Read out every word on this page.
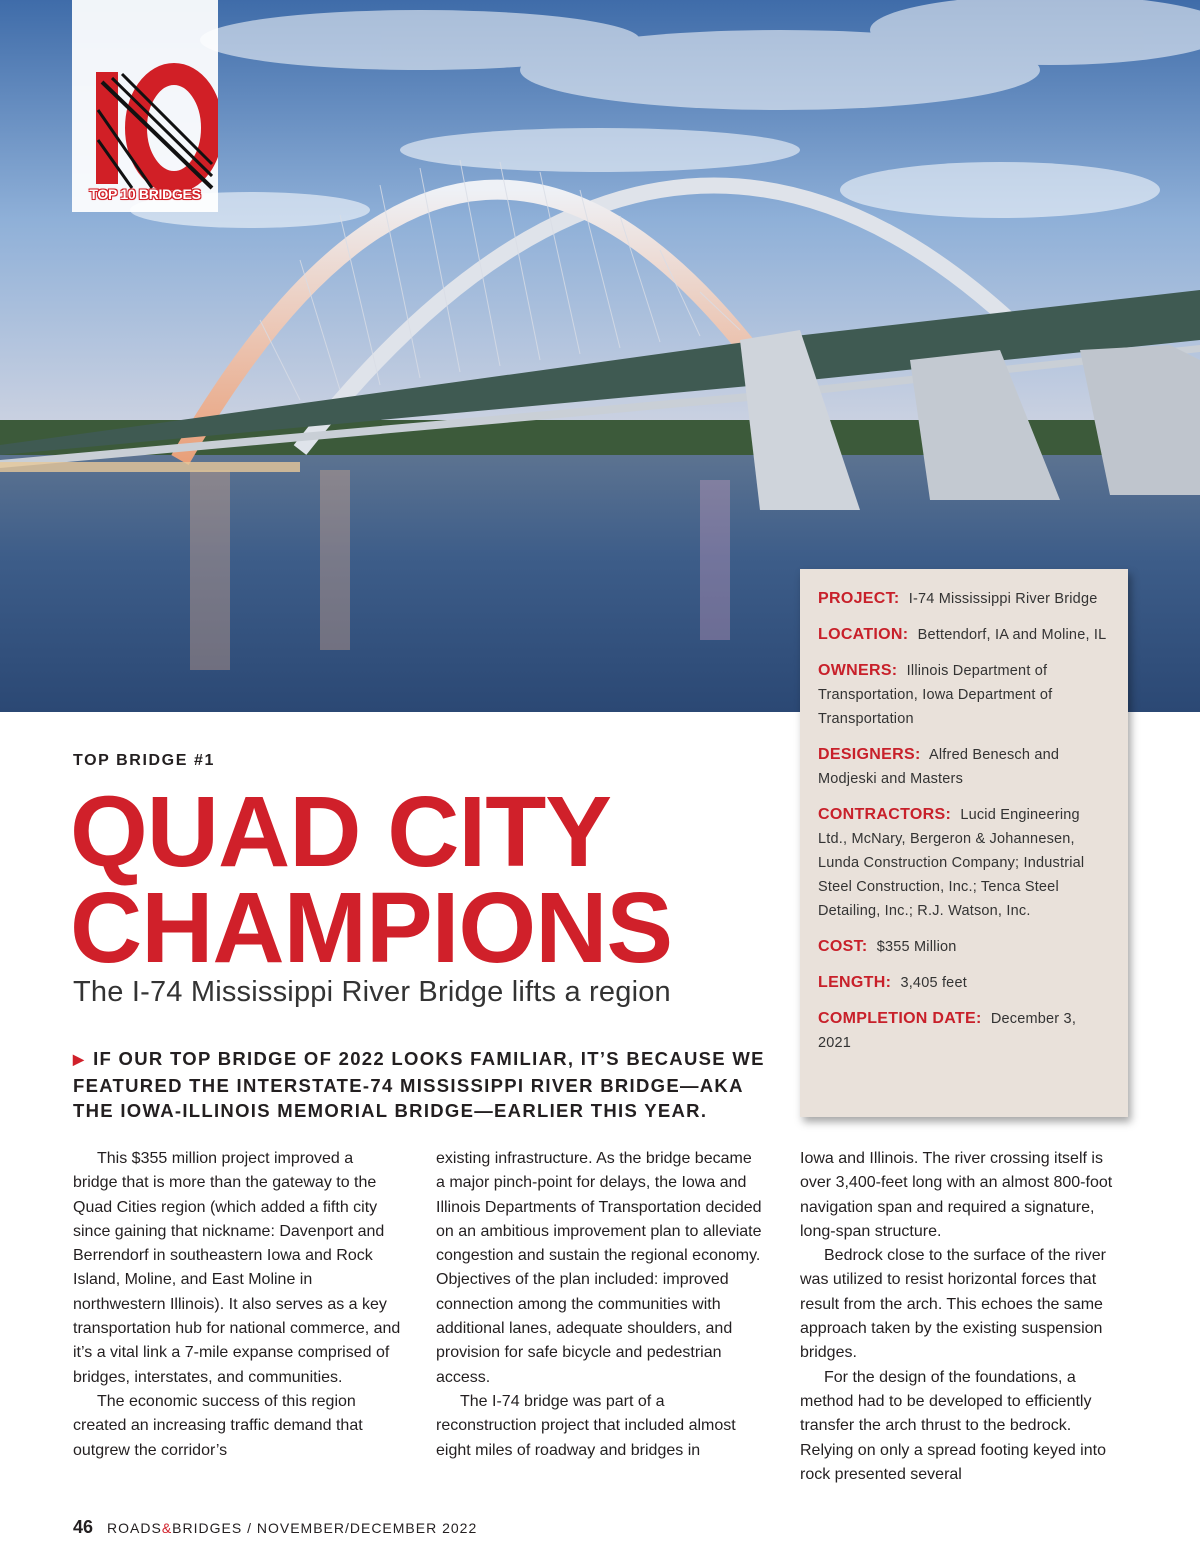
TOP 10 BRIDGES
PROJECT: I-74 Mississippi River Bridge
LOCATION: Bettendorf, IA and Moline, IL
OWNERS: Illinois Department of Transportation, Iowa Department of Transportation
DESIGNERS: Alfred Benesch and Modjeski and Masters
CONTRACTORS: Lucid Engineering Ltd., McNary, Bergeron & Johannesen, Lunda Construction Company; Industrial Steel Construction, Inc.; Tenca Steel Detailing, Inc.; R.J. Watson, Inc.
COST: $355 Million
LENGTH: 3,405 feet
COMPLETION DATE: December 3, 2021
TOP BRIDGE #1
QUAD CITY
CHAMPIONS
The I-74 Mississippi River Bridge lifts a region
▶ IF OUR TOP BRIDGE OF 2022 LOOKS FAMILIAR, IT’S BECAUSE WE FEATURED THE INTERSTATE-74 MISSISSIPPI RIVER BRIDGE—AKA THE IOWA-ILLINOIS MEMORIAL BRIDGE—EARLIER THIS YEAR.

This $355 million project improved a bridge that is more than the gateway to the Quad Cities region (which added a fifth city since gaining that nickname: Davenport and Berrendorf in southeastern Iowa and Rock Island, Moline, and East Moline in northwestern Illinois). It also serves as a key transportation hub for national commerce, and it’s a vital link a 7-mile expanse comprised of bridges, interstates, and communities.

The economic success of this region created an increasing traffic demand that outgrew the corridor’s

existing infrastructure. As the bridge became a major pinch-point for delays, the Iowa and Illinois Departments of Transportation decided on an ambitious improvement plan to alleviate congestion and sustain the regional economy. Objectives of the plan included: improved connection among the communities with additional lanes, adequate shoulders, and provision for safe bicycle and pedestrian access.

The I-74 bridge was part of a reconstruction project that included almost eight miles of roadway and bridges in

Iowa and Illinois. The river crossing itself is over 3,400-feet long with an almost 800-foot navigation span and required a signature, long-span structure.

Bedrock close to the surface of the river was utilized to resist horizontal forces that result from the arch. This echoes the same approach taken by the existing suspension bridges.

For the design of the foundations, a method had to be developed to efficiently transfer the arch thrust to the bedrock. Relying on only a spread footing keyed into rock presented several

46 ROADS&BRIDGES / NOVEMBER/DECEMBER 2022
